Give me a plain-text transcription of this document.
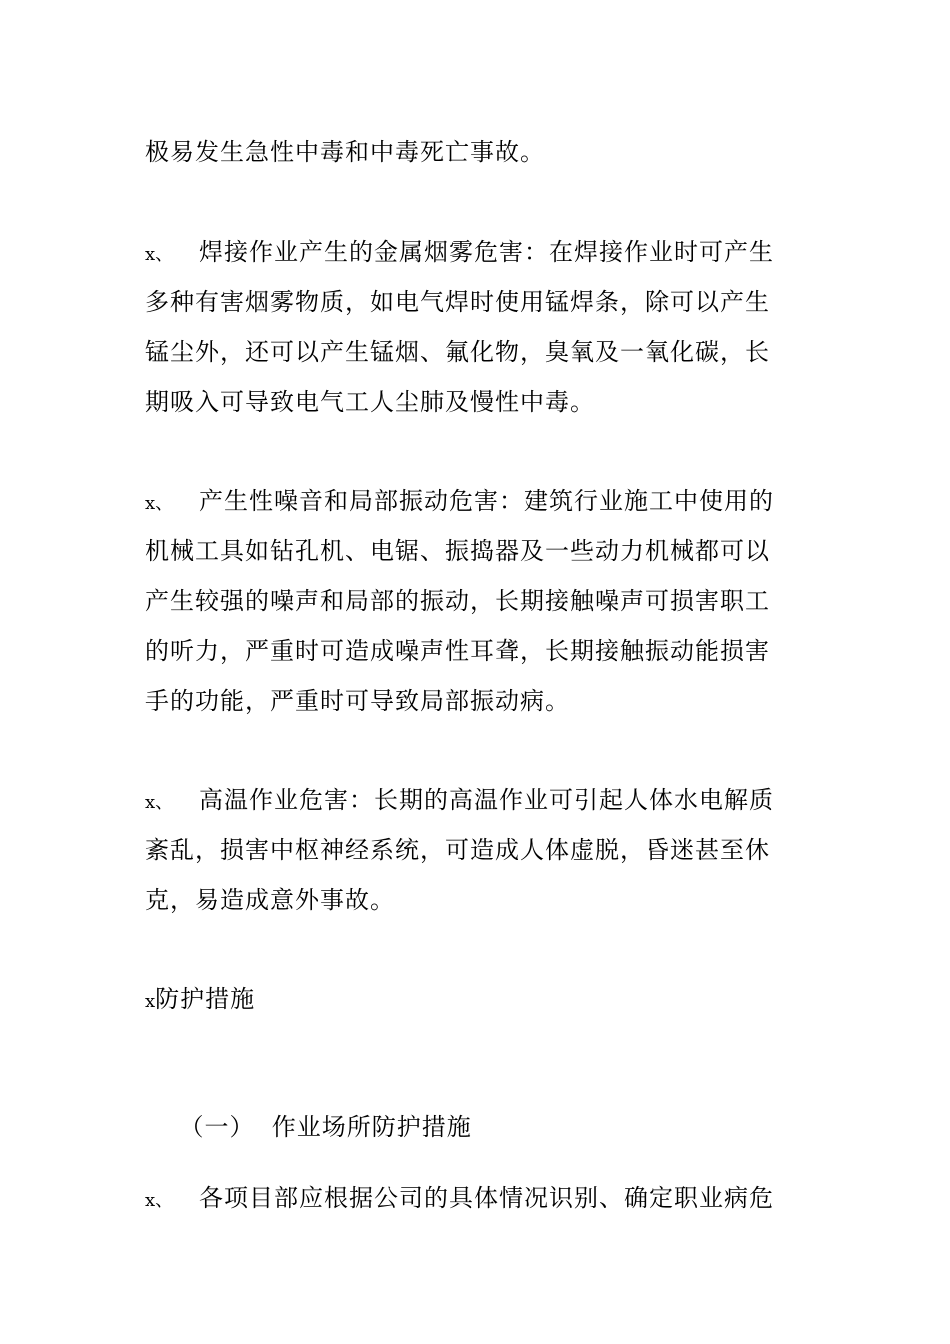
极易发生急性中毒和中毒死亡事故。
x、 焊接作业产生的金属烟雾危害：在焊接作业时可产生
多种有害烟雾物质，如电气焊时使用锰焊条，除可以产生
锰尘外，还可以产生锰烟、氟化物，臭氧及一氧化碳，长
期吸入可导致电气工人尘肺及慢性中毒。
x、 产生性噪音和局部振动危害：建筑行业施工中使用的
机械工具如钻孔机、电锯、振捣器及一些动力机械都可以
产生较强的噪声和局部的振动，长期接触噪声可损害职工
的听力，严重时可造成噪声性耳聋，长期接触振动能损害
手的功能，严重时可导致局部振动病。
x、 高温作业危害：长期的高温作业可引起人体水电解质
紊乱，损害中枢神经系统，可造成人体虚脱，昏迷甚至休
克，易造成意外事故。
x防护措施

（一）  作业场所防护措施

x、 各项目部应根据公司的具体情况识别、确定职业病危
